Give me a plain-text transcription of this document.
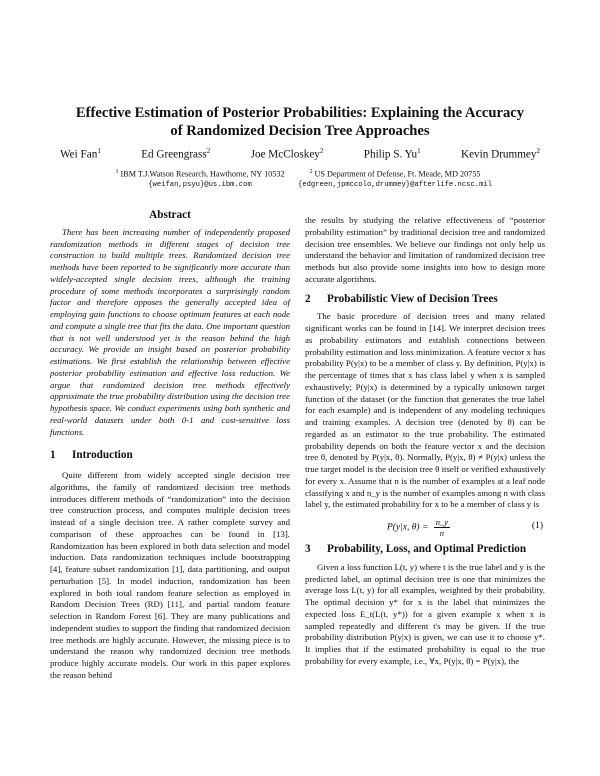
Effective Estimation of Posterior Probabilities: Explaining the Accuracy
of Randomized Decision Tree Approaches
Wei Fan$^1$	Ed Greengrass$^2$	Joe McCloskey$^2$	Philip S. Yu$^1$	Kevin Drummey$^2$
$^1$ IBM T.J.Watson Research, Hawthorne, NY 10532
{weifan,psyu}@us.ibm.com
$^2$ US Department of Defense, Ft. Meade, MD 20755
{edgreen,jpmccolo,drummey}@afterlife.ncsc.mil
Abstract

There has been increasing number of independently proposed randomization methods in different stages of decision tree construction to build multiple trees. Randomized decision tree methods have been reported to be significantly more accurate than widely-accepted single decision trees, although the training procedure of some methods incorporates a surprisingly random factor and therefore opposes the generally accepted idea of employing gain functions to choose optimum features at each node and compute a single tree that fits the data. One important question that is not well understood yet is the reason behind the high accuracy. We provide an insight based on posterior probability estimations. We first establish the relationship between effective posterior probability estimation and effective loss reduction. We argue that randomized decision tree methods effectively approximate the true probability distribution using the decision tree hypothesis space. We conduct experiments using both synthetic and real-world datasets under both 0-1 and cost-sensitive loss functions.

1 Introduction

Quite different from widely accepted single decision tree algorithms, the family of randomized decision tree methods introduces different methods of “randomization” into the decision tree construction process, and computes multiple decision trees instead of a single decision tree. A rather complete survey and comparison of these approaches can be found in [13]. Randomization has been explored in both data selection and model induction. Data randomization techniques include bootstrapping [4], feature subset randomization [1], data partitioning, and output perturbation [5]. In model induction, randomization has been explored in both total random feature selection as employed in Random Decision Trees (RD) [11], and partial random feature selection in Random Forest [6]. They are many publications and independent studies to support the finding that randomized decision tree methods are highly accurate. However, the missing piece is to understand the reason why randomized decision tree methods produce highly accurate models. Our work in this paper explores the reason behind

the results by studying the relative effectiveness of “posterior probability estimation” by traditional decision tree and randomized decision tree ensembles. We believe our findings not only help us understand the behavior and limitation of randomized decision tree methods but also provide some insights into how to design more accurate algorithms.

2 Probabilistic View of Decision Trees

The basic procedure of decision trees and many related significant works can be found in [14]. We interpret decision trees as probability estimators and establish connections between probability estimation and loss minimization. A feature vector x has probability P(y|x) to be a member of class y. By definition, P(y|x) is the percentage of times that x has class label y when x is sampled exhaustively; P(y|x) is determined by a typically unknown target function of the dataset (or the function that generates the true label for each example) and is independent of any modeling techniques and training examples. A decision tree (denoted by θ) can be regarded as an estimator to the true probability. The estimated probability depends on both the feature vector x and the decision tree θ, denoted by P(y|x, θ). Normally, P(y|x, θ) ≠ P(y|x) unless the true target model is the decision tree θ itself or verified exhaustively for every x. Assume that n is the number of examples at a leaf node classifying x and n_y is the number of examples among n with class label y, the estimated probability for x to be a member of class y is

P(y|x, $\theta) = \frac{n\_y}{n}$	(1)
3 Probability, Loss, and Optimal Prediction

Given a loss function L(t, y) where t is the true label and y is the predicted label, an optimal decision tree is one that minimizes the average loss L(t, y) for all examples, weighted by their probability. The optimal decision y* for x is the label that minimizes the expected loss E_t(L(t, y*)) for a given example x when x is sampled repeatedly and different t's may be given. If the true probability distribution P(y|x) is given, we can use it to choose y*. It implies that if the estimated probability is equal to the true probability for every example, i.e., ∀x, P(y|x, θ) = P(y|x), the
